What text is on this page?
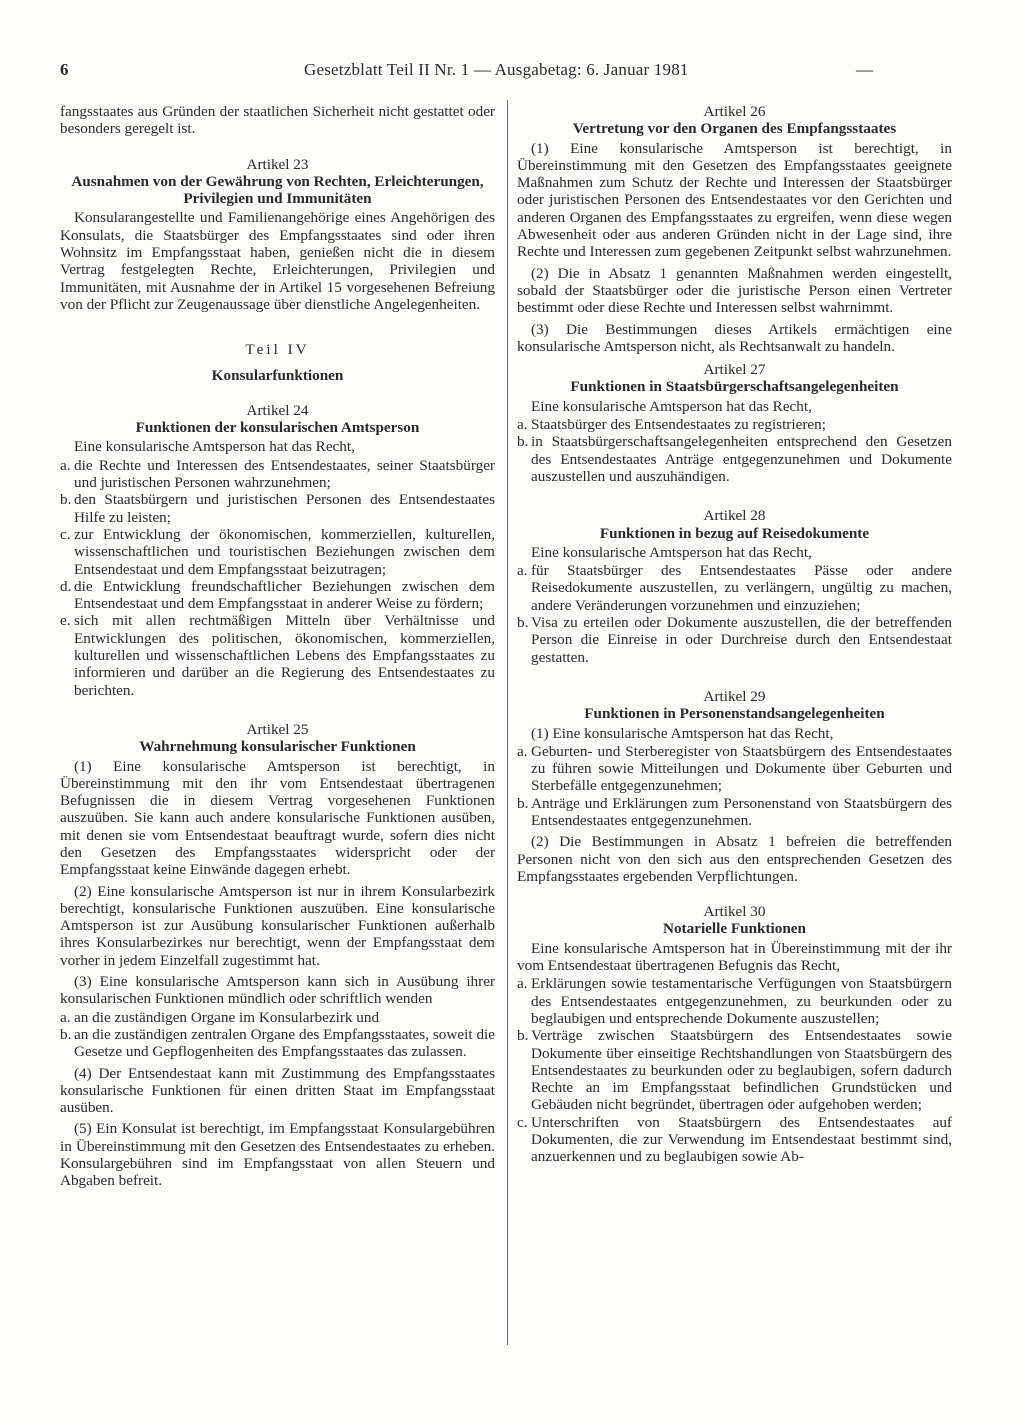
6	Gesetzblatt Teil II Nr. 1 — Ausgabetag: 6. Januar 1981	—

fangsstaates aus Gründen der staatlichen Sicherheit nicht gestattet oder besonders geregelt ist.

Artikel 23
Ausnahmen von der Gewährung von Rechten, Erleichterungen, Privilegien und Immunitäten

Konsularangestellte und Familienangehörige eines Angehörigen des Konsulats, die Staatsbürger des Empfangsstaates sind oder ihren Wohnsitz im Empfangsstaat haben, genießen nicht die in diesem Vertrag festgelegten Rechte, Erleichterungen, Privilegien und Immunitäten, mit Ausnahme der in Artikel 15 vorgesehenen Befreiung von der Pflicht zur Zeugenaussage über dienstliche Angelegenheiten.

Teil IV
Konsularfunktionen
Artikel 24
Funktionen der konsularischen Amtsperson

Eine konsularische Amtsperson hat das Recht,

a. die Rechte und Interessen des Entsendestaates, seiner Staatsbürger und juristischen Personen wahrzunehmen;
b. den Staatsbürgern und juristischen Personen des Entsendestaates Hilfe zu leisten;
c. zur Entwicklung der ökonomischen, kommerziellen, kulturellen, wissenschaftlichen und touristischen Beziehungen zwischen dem Entsendestaat und dem Empfangsstaat beizutragen;
d. die Entwicklung freundschaftlicher Beziehungen zwischen dem Entsendestaat und dem Empfangsstaat in anderer Weise zu fördern;
e. sich mit allen rechtmäßigen Mitteln über Verhältnisse und Entwicklungen des politischen, ökonomischen, kommerziellen, kulturellen und wissenschaftlichen Lebens des Empfangsstaates zu informieren und darüber an die Regierung des Entsendestaates zu berichten.
Artikel 25
Wahrnehmung konsularischer Funktionen

(1) Eine konsularische Amtsperson ist berechtigt, in Übereinstimmung mit den ihr vom Entsendestaat übertragenen Befugnissen die in diesem Vertrag vorgesehenen Funktionen auszuüben. Sie kann auch andere konsularische Funktionen ausüben, mit denen sie vom Entsendestaat beauftragt wurde, sofern dies nicht den Gesetzen des Empfangsstaates widerspricht oder der Empfangsstaat keine Einwände dagegen erhebt.

(2) Eine konsularische Amtsperson ist nur in ihrem Konsularbezirk berechtigt, konsularische Funktionen auszuüben. Eine konsularische Amtsperson ist zur Ausübung konsularischer Funktionen außerhalb ihres Konsularbezirkes nur berechtigt, wenn der Empfangsstaat dem vorher in jedem Einzelfall zugestimmt hat.

(3) Eine konsularische Amtsperson kann sich in Ausübung ihrer konsularischen Funktionen mündlich oder schriftlich wenden

a. an die zuständigen Organe im Konsularbezirk und
b. an die zuständigen zentralen Organe des Empfangsstaates, soweit die Gesetze und Gepflogenheiten des Empfangsstaates das zulassen.

(4) Der Entsendestaat kann mit Zustimmung des Empfangsstaates konsularische Funktionen für einen dritten Staat im Empfangsstaat ausüben.

(5) Ein Konsulat ist berechtigt, im Empfangsstaat Konsulargebühren in Übereinstimmung mit den Gesetzen des Entsendestaates zu erheben. Konsulargebühren sind im Empfangsstaat von allen Steuern und Abgaben befreit.

Artikel 26
Vertretung vor den Organen des Empfangsstaates

(1) Eine konsularische Amtsperson ist berechtigt, in Übereinstimmung mit den Gesetzen des Empfangsstaates geeignete Maßnahmen zum Schutz der Rechte und Interessen der Staatsbürger oder juristischen Personen des Entsendestaates vor den Gerichten und anderen Organen des Empfangsstaates zu ergreifen, wenn diese wegen Abwesenheit oder aus anderen Gründen nicht in der Lage sind, ihre Rechte und Interessen zum gegebenen Zeitpunkt selbst wahrzunehmen.

(2) Die in Absatz 1 genannten Maßnahmen werden eingestellt, sobald der Staatsbürger oder die juristische Person einen Vertreter bestimmt oder diese Rechte und Interessen selbst wahrnimmt.

(3) Die Bestimmungen dieses Artikels ermächtigen eine konsularische Amtsperson nicht, als Rechtsanwalt zu handeln.

Artikel 27
Funktionen in Staatsbürgerschaftsangelegenheiten

Eine konsularische Amtsperson hat das Recht,

a. Staatsbürger des Entsendestaates zu registrieren;
b. in Staatsbürgerschaftsangelegenheiten entsprechend den Gesetzen des Entsendestaates Anträge entgegenzunehmen und Dokumente auszustellen und auszuhändigen.
Artikel 28
Funktionen in bezug auf Reisedokumente

Eine konsularische Amtsperson hat das Recht,

a. für Staatsbürger des Entsendestaates Pässe oder andere Reisedokumente auszustellen, zu verlängern, ungültig zu machen, andere Veränderungen vorzunehmen und einzuziehen;
b. Visa zu erteilen oder Dokumente auszustellen, die der betreffenden Person die Einreise in oder Durchreise durch den Entsendestaat gestatten.
Artikel 29
Funktionen in Personenstandsangelegenheiten

(1) Eine konsularische Amtsperson hat das Recht,

a. Geburten- und Sterberegister von Staatsbürgern des Entsendestaates zu führen sowie Mitteilungen und Dokumente über Geburten und Sterbefälle entgegenzunehmen;
b. Anträge und Erklärungen zum Personenstand von Staatsbürgern des Entsendestaates entgegenzunehmen.

(2) Die Bestimmungen in Absatz 1 befreien die betreffenden Personen nicht von den sich aus den entsprechenden Gesetzen des Empfangsstaates ergebenden Verpflichtungen.

Artikel 30
Notarielle Funktionen

Eine konsularische Amtsperson hat in Übereinstimmung mit der ihr vom Entsendestaat übertragenen Befugnis das Recht,

a. Erklärungen sowie testamentarische Verfügungen von Staatsbürgern des Entsendestaates entgegenzunehmen, zu beurkunden oder zu beglaubigen und entsprechende Dokumente auszustellen;
b. Verträge zwischen Staatsbürgern des Entsendestaates sowie Dokumente über einseitige Rechtshandlungen von Staatsbürgern des Entsendestaates zu beurkunden oder zu beglaubigen, sofern dadurch Rechte an im Empfangsstaat befindlichen Grundstücken und Gebäuden nicht begründet, übertragen oder aufgehoben werden;
c. Unterschriften von Staatsbürgern des Entsendestaates auf Dokumenten, die zur Verwendung im Entsendestaat bestimmt sind, anzuerkennen und zu beglaubigen sowie Ab-
